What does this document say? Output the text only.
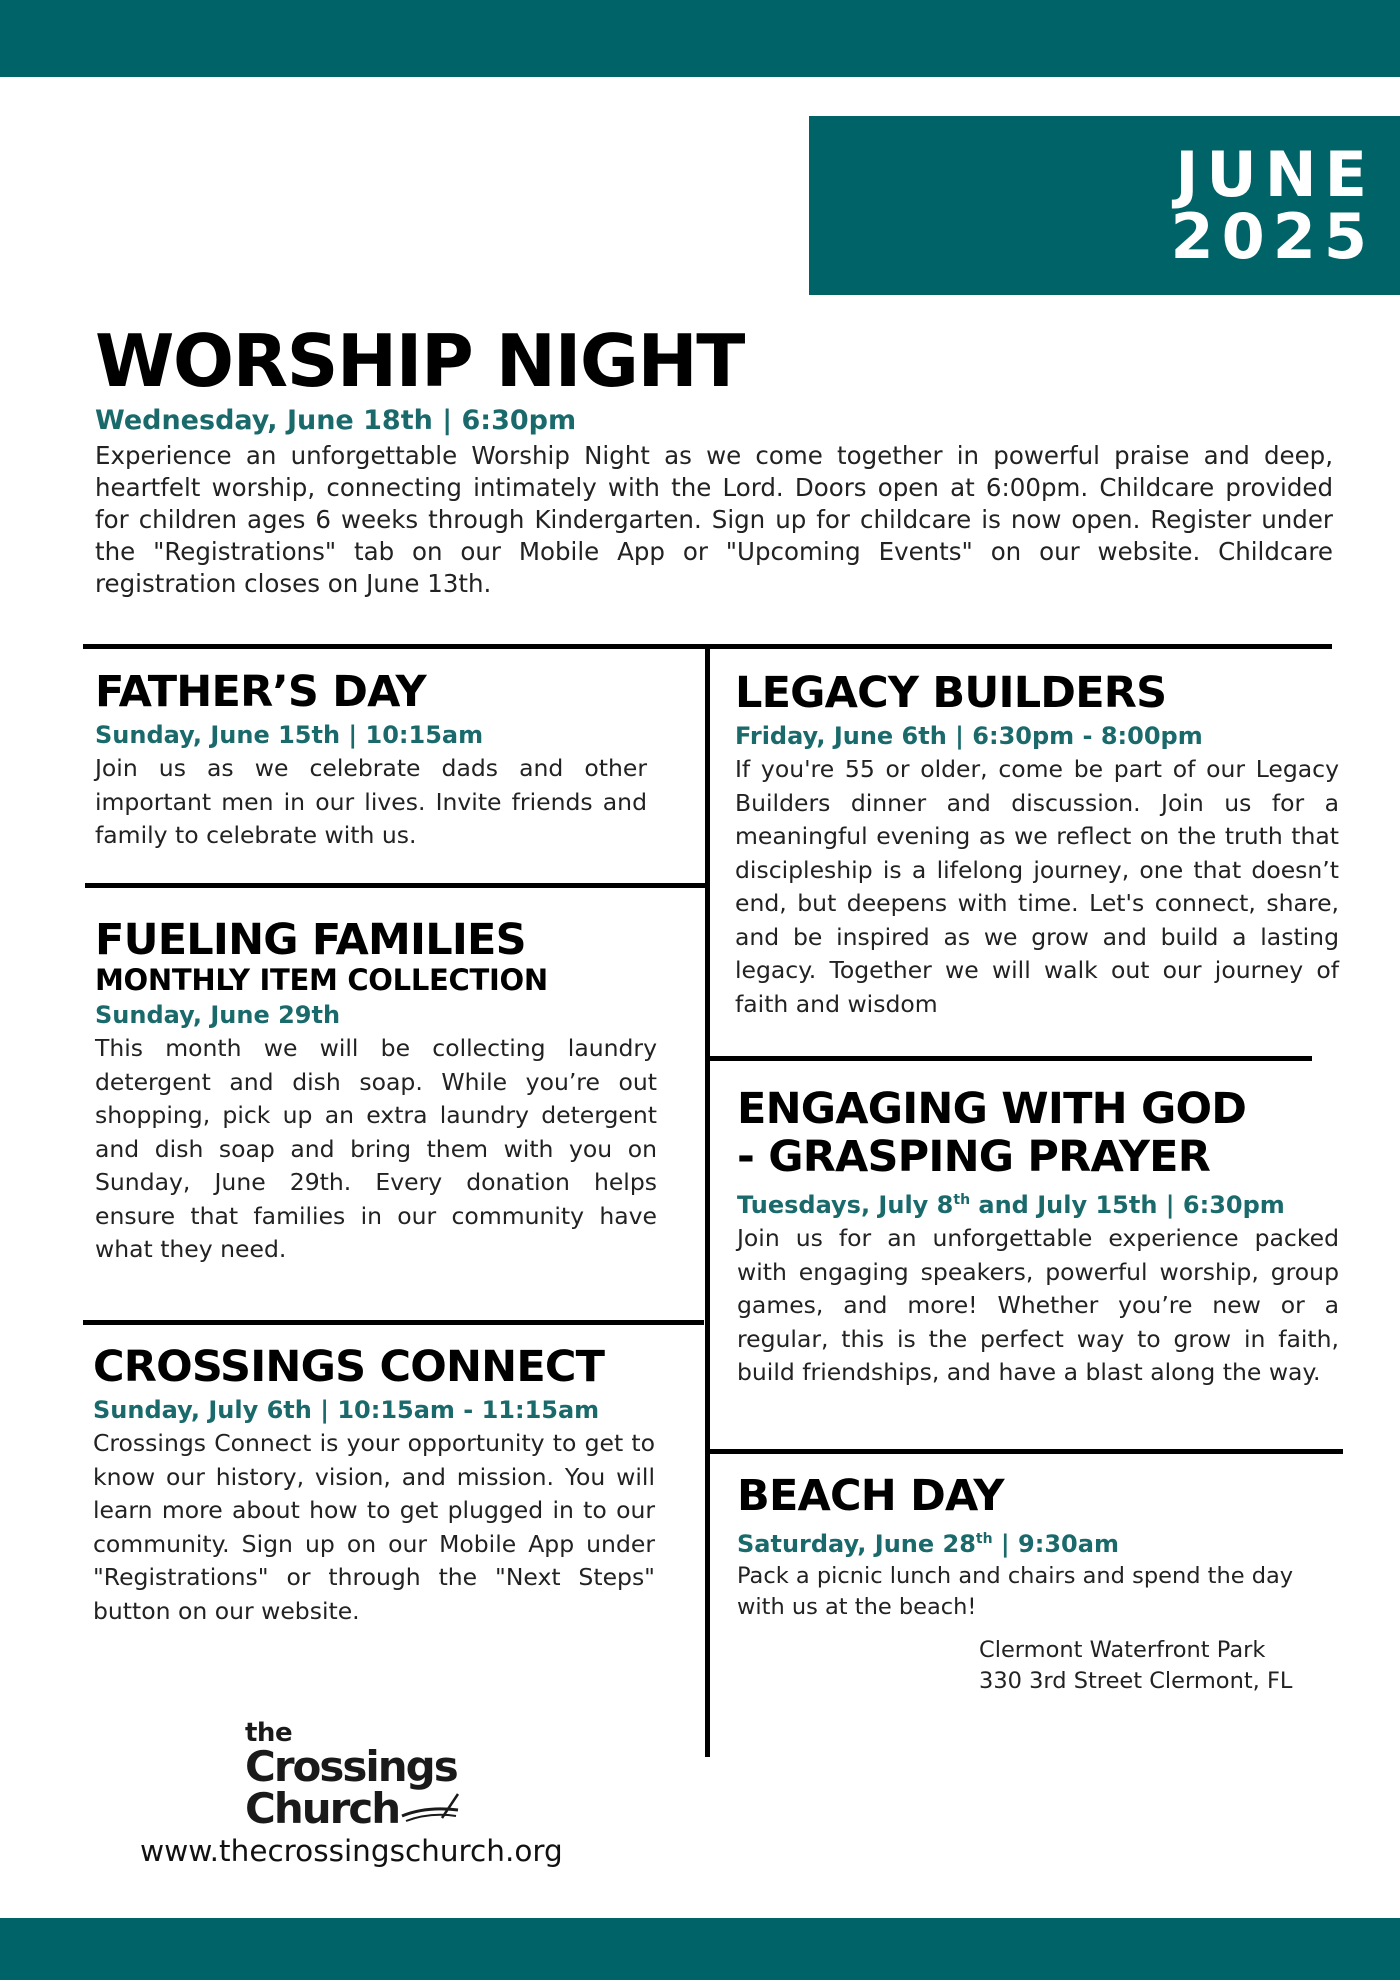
JUNE
2025
WORSHIP NIGHT
Wednesday, June 18th | 6:30pm
Experience an unforgettable Worship Night as we come together in powerful praise and deep, heartfelt worship, connecting intimately with the Lord. Doors open at 6:00pm. Childcare provided for children ages 6 weeks through Kindergarten. Sign up for childcare is now open. Register under the "Registrations" tab on our Mobile App or "Upcoming Events" on our website. Childcare registration closes on June 13th.
FATHER’S DAY
Sunday, June 15th | 10:15am
Join us as we celebrate dads and other important men in our lives. Invite friends and family to celebrate with us.
FUELING FAMILIES
MONTHLY ITEM COLLECTION
Sunday, June 29th
This month we will be collecting laundry detergent and dish soap. While you’re out shopping, pick up an extra laundry detergent and dish soap and bring them with you on Sunday, June 29th. Every donation helps ensure that families in our community have what they need.
CROSSINGS CONNECT
Sunday, July 6th | 10:15am - 11:15am
Crossings Connect is your opportunity to get to know our history, vision, and mission. You will learn more about how to get plugged in to our community. Sign up on our Mobile App under "Registrations" or through the "Next Steps" button on our website.
LEGACY BUILDERS
Friday, June 6th | 6:30pm - 8:00pm
If you're 55 or older, come be part of our Legacy Builders dinner and discussion. Join us for a meaningful evening as we reflect on the truth that discipleship is a lifelong journey, one that doesn’t end, but deepens with time. Let's connect, share, and be inspired as we grow and build a lasting legacy. Together we will walk out our journey of faith and wisdom
ENGAGING WITH GOD
- GRASPING PRAYER
Tuesdays, July 8th and July 15th | 6:30pm
Join us for an unforgettable experience packed with engaging speakers, powerful worship, group games, and more! Whether you’re new or a regular, this is the perfect way to grow in faith, build friendships, and have a blast along the way.
BEACH DAY
Saturday, June 28th | 9:30am
Pack a picnic lunch and chairs and spend the day with us at the beach!
Clermont Waterfront Park
330 3rd Street Clermont, FL
the
Crossings
Church
www.thecrossingschurch.org
